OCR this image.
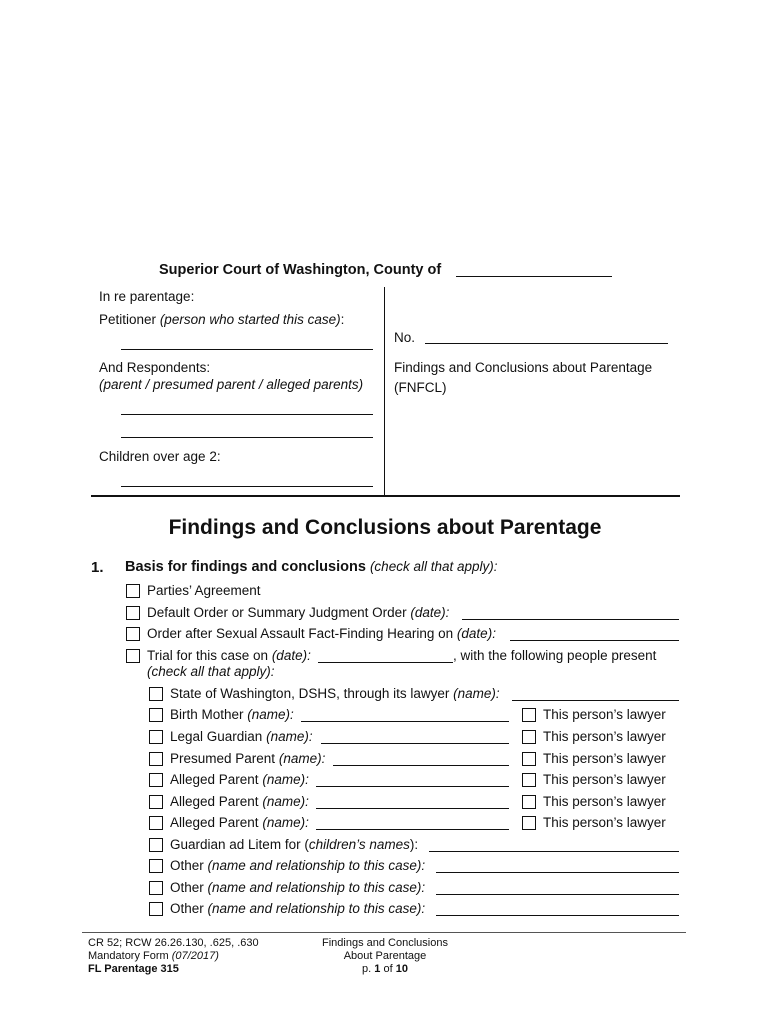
Superior Court of Washington, County of
In re parentage:
Petitioner (person who started this case):
And Respondents:
(parent / presumed parent / alleged parents)
Children over age 2:
No.
Findings and Conclusions about Parentage
(FNFCL)
Findings and Conclusions about Parentage
1. Basis for findings and conclusions (check all that apply):
Parties’ Agreement
Default Order or Summary Judgment Order (date):
Order after Sexual Assault Fact-Finding Hearing on (date):
Trial for this case on (date):	, with the following people present
(check all that apply):
State of Washington, DSHS, through its lawyer (name):
Birth Mother (name):	This person’s lawyer
Legal Guardian (name):	This person’s lawyer
Presumed Parent (name):	This person’s lawyer
Alleged Parent (name):	This person’s lawyer
Alleged Parent (name):	This person’s lawyer
Alleged Parent (name):	This person’s lawyer
Guardian ad Litem for (children’s names):
Other (name and relationship to this case):
Other (name and relationship to this case):
Other (name and relationship to this case):
CR 52; RCW 26.26.130, .625, .630
Mandatory Form (07/2017)
FL Parentage 315
Findings and Conclusions
About Parentage
p. 1 of 10
